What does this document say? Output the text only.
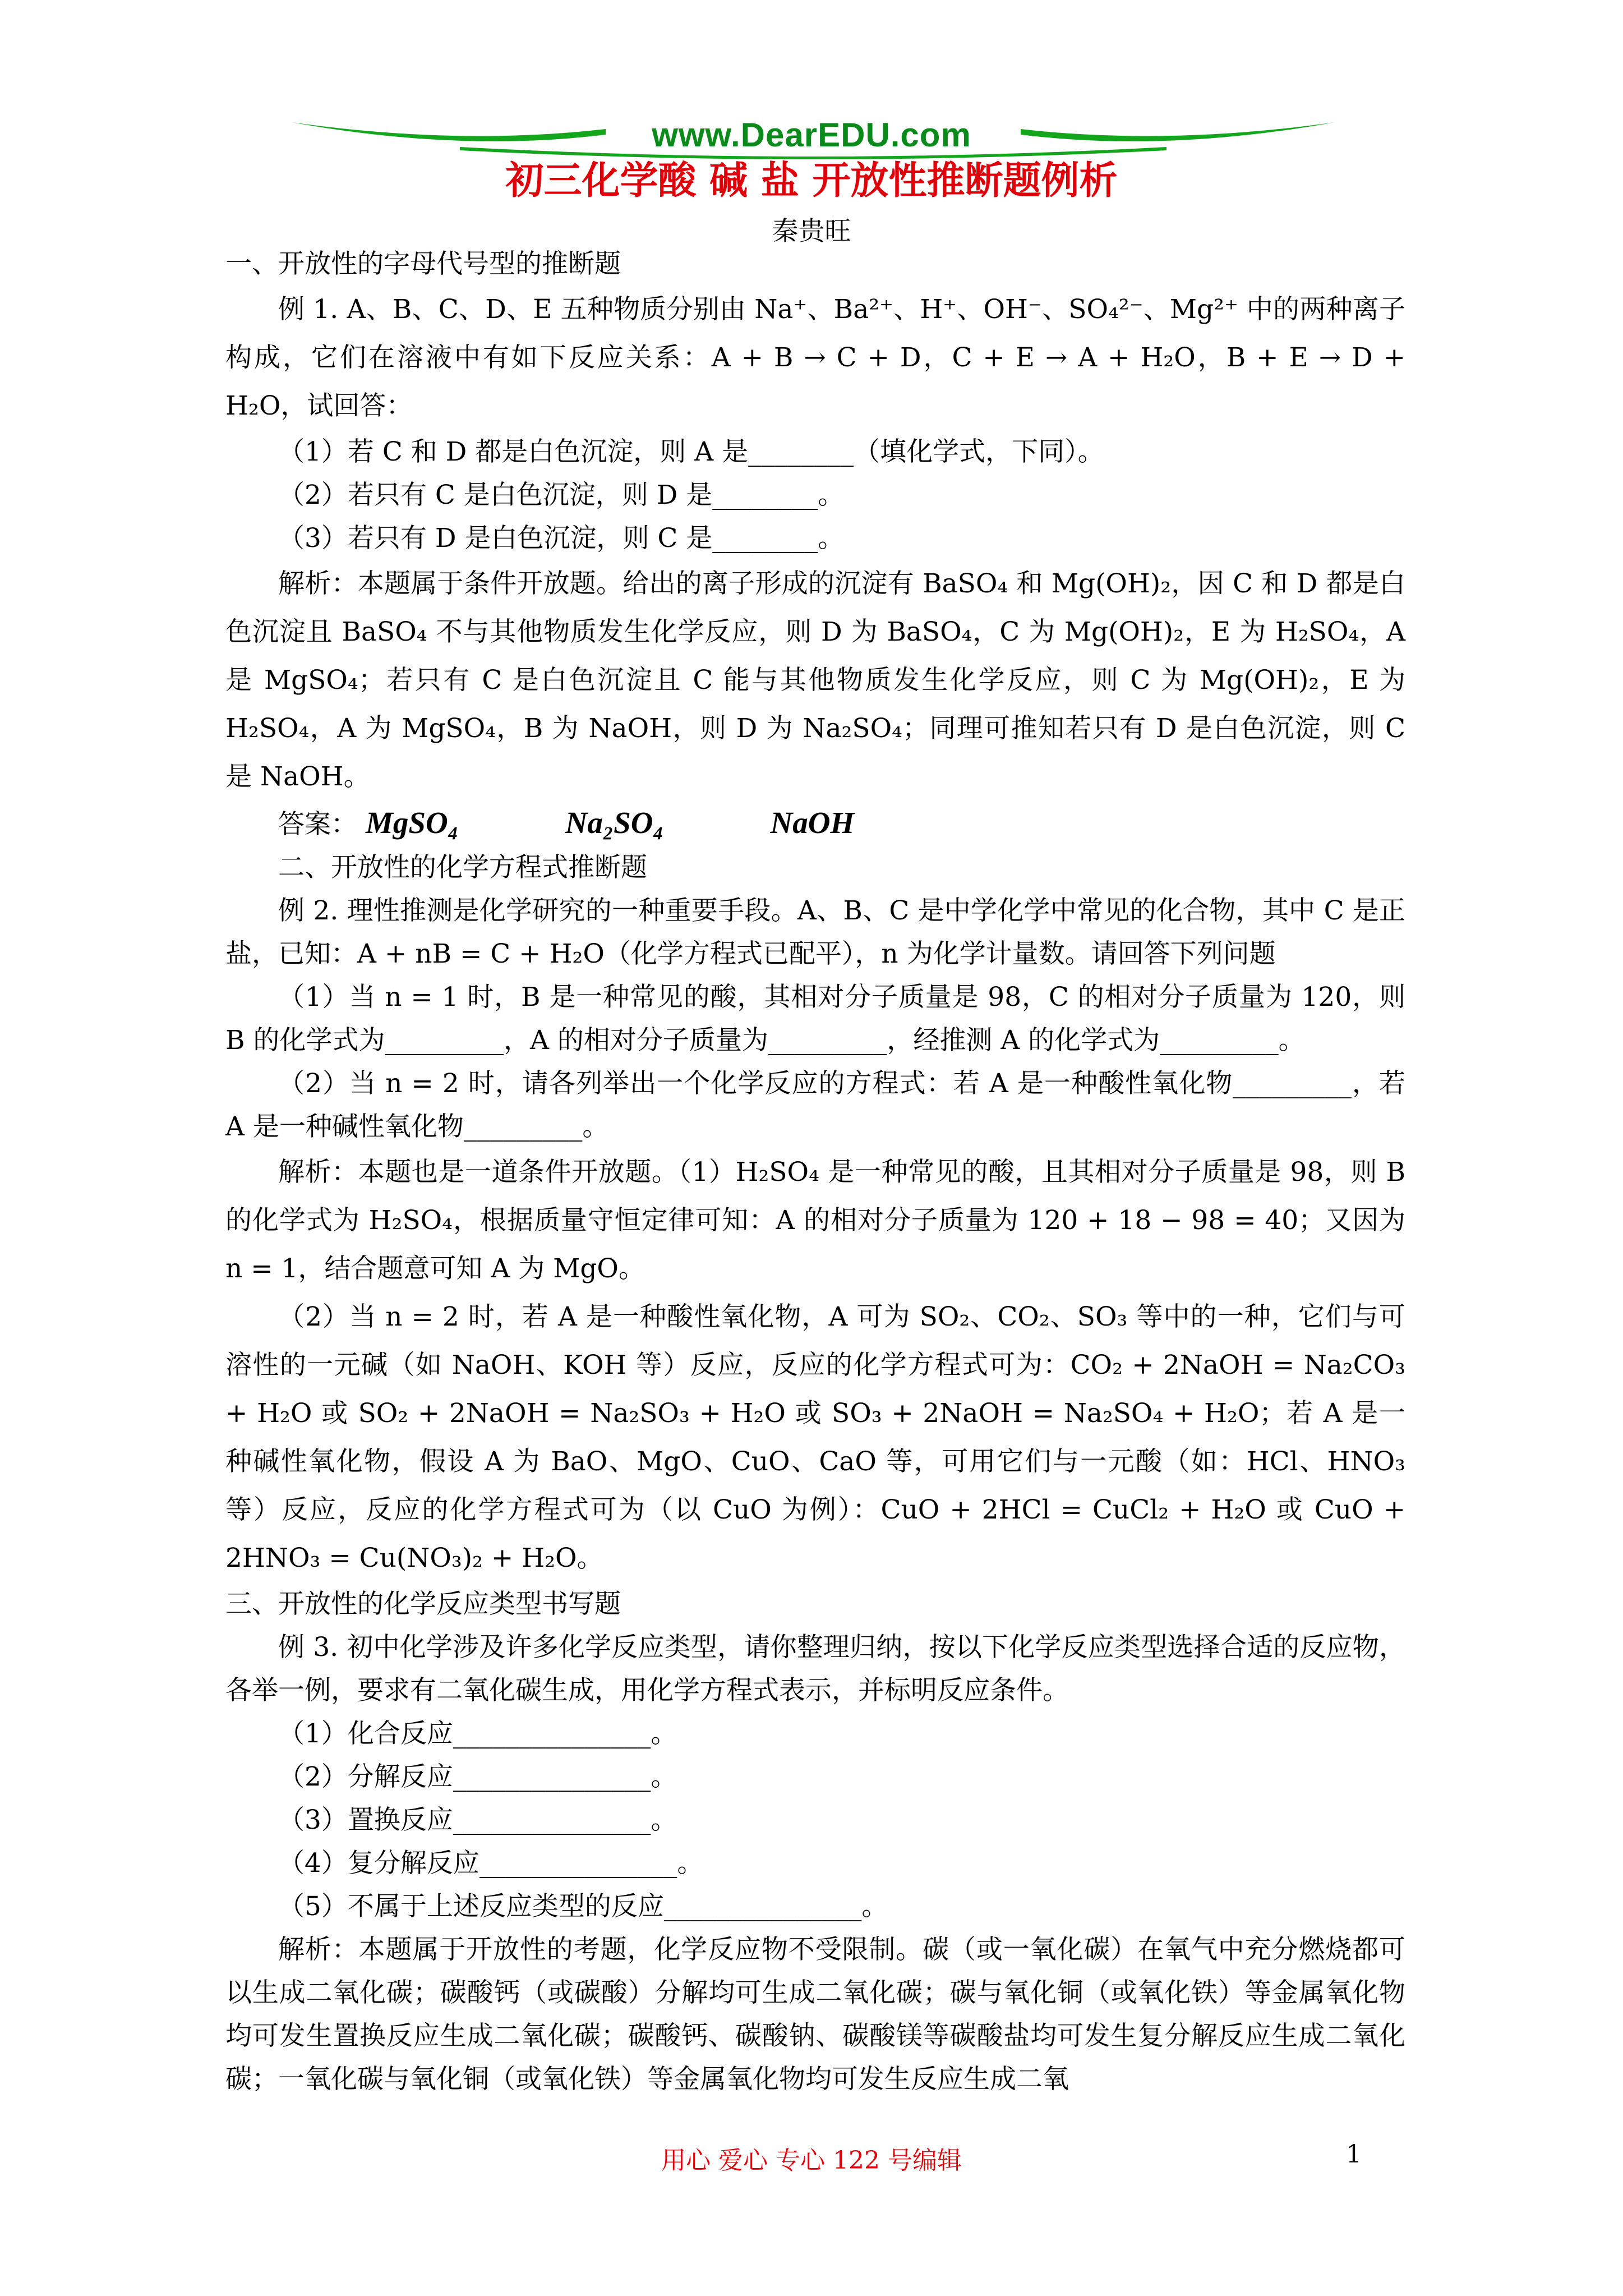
www.DearEDU.com
初三化学酸 碱 盐 开放性推断题例析
秦贵旺

一、开放性的字母代号型的推断题

例 1. A、B、C、D、E 五种物质分别由 Na⁺、Ba²⁺、H⁺、OH⁻、SO₄²⁻、Mg²⁺ 中的两种离子构成，它们在溶液中有如下反应关系：A + B → C + D，C + E → A + H₂O，B + E → D + H₂O，试回答：

（1）若 C 和 D 都是白色沉淀，则 A 是________（填化学式，下同）。

（2）若只有 C 是白色沉淀，则 D 是________。

（3）若只有 D 是白色沉淀，则 C 是________。

解析：本题属于条件开放题。给出的离子形成的沉淀有 BaSO₄ 和 Mg(OH)₂，因 C 和 D 都是白色沉淀且 BaSO₄ 不与其他物质发生化学反应，则 D 为 BaSO₄，C 为 Mg(OH)₂，E 为 H₂SO₄，A 是 MgSO₄；若只有 C 是白色沉淀且 C 能与其他物质发生化学反应，则 C 为 Mg(OH)₂，E 为 H₂SO₄，A 为 MgSO₄，B 为 NaOH，则 D 为 Na₂SO₄；同理可推知若只有 D 是白色沉淀，则 C 是 NaOH。

答案： MgSO₄	Na₂SO₄	NaOH

二、开放性的化学方程式推断题

例 2. 理性推测是化学研究的一种重要手段。A、B、C 是中学化学中常见的化合物，其中 C 是正盐，已知：A + nB = C + H₂O（化学方程式已配平），n 为化学计量数。请回答下列问题

（1）当 n = 1 时，B 是一种常见的酸，其相对分子质量是 98，C 的相对分子质量为 120，则 B 的化学式为_________，A 的相对分子质量为_________，经推测 A 的化学式为_________。

（2）当 n = 2 时，请各列举出一个化学反应的方程式：若 A 是一种酸性氧化物_________，若 A 是一种碱性氧化物_________。

解析：本题也是一道条件开放题。（1）H₂SO₄ 是一种常见的酸，且其相对分子质量是 98，则 B 的化学式为 H₂SO₄，根据质量守恒定律可知：A 的相对分子质量为 120 + 18 − 98 = 40；又因为 n = 1，结合题意可知 A 为 MgO。

（2）当 n = 2 时，若 A 是一种酸性氧化物，A 可为 SO₂、CO₂、SO₃ 等中的一种，它们与可溶性的一元碱（如 NaOH、KOH 等）反应，反应的化学方程式可为：CO₂ + 2NaOH = Na₂CO₃ + H₂O 或 SO₂ + 2NaOH = Na₂SO₃ + H₂O 或 SO₃ + 2NaOH = Na₂SO₄ + H₂O；若 A 是一种碱性氧化物，假设 A 为 BaO、MgO、CuO、CaO 等，可用它们与一元酸（如：HCl、HNO₃ 等）反应，反应的化学方程式可为（以 CuO 为例）：CuO + 2HCl = CuCl₂ + H₂O 或 CuO + 2HNO₃ = Cu(NO₃)₂ + H₂O。

三、开放性的化学反应类型书写题

例 3. 初中化学涉及许多化学反应类型，请你整理归纳，按以下化学反应类型选择合适的反应物，各举一例，要求有二氧化碳生成，用化学方程式表示，并标明反应条件。

（1）化合反应_______________。

（2）分解反应_______________。

（3）置换反应_______________。

（4）复分解反应_______________。

（5）不属于上述反应类型的反应_______________。

解析：本题属于开放性的考题，化学反应物不受限制。碳（或一氧化碳）在氧气中充分燃烧都可以生成二氧化碳；碳酸钙（或碳酸）分解均可生成二氧化碳；碳与氧化铜（或氧化铁）等金属氧化物均可发生置换反应生成二氧化碳；碳酸钙、碳酸钠、碳酸镁等碳酸盐均可发生复分解反应生成二氧化碳；一氧化碳与氧化铜（或氧化铁）等金属氧化物均可发生反应生成二氧

用心 爱心 专心 122 号编辑	1
